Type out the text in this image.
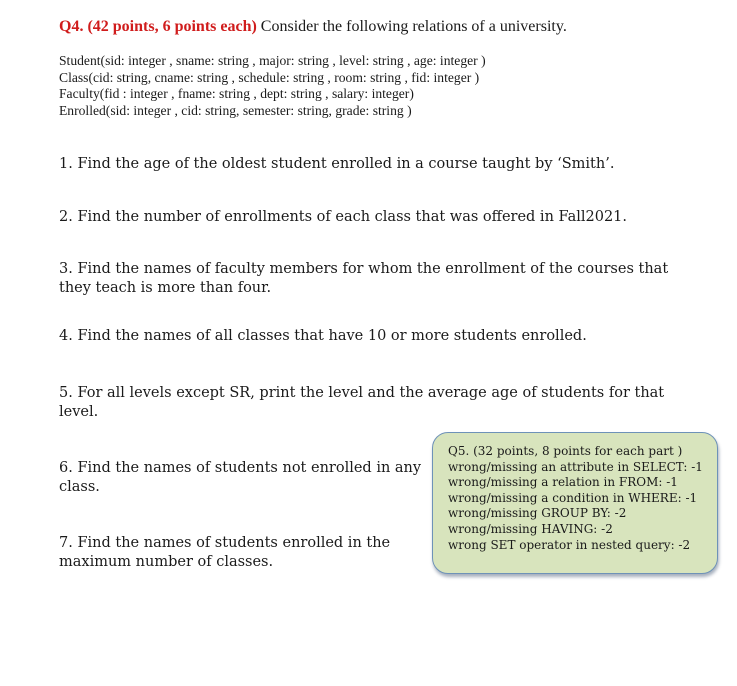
Q4. (42 points, 6 points each) Consider the following relations of a university.
Student(sid: integer , sname: string , major: string , level: string , age: integer )
Class(cid: string, cname: string , schedule: string , room: string , fid: integer )
Faculty(fid : integer , fname: string , dept: string , salary: integer)
Enrolled(sid: integer , cid: string, semester: string, grade: string )
1. Find the age of the oldest student enrolled in a course taught by ‘Smith’.
2. Find the number of enrollments of each class that was offered in Fall2021.
3. Find the names of faculty members for whom the enrollment of the courses that
they teach is more than four.
4. Find the names of all classes that have 10 or more students enrolled.
5. For all levels except SR, print the level and the average age of students for that
level.
6. Find the names of students not enrolled in any
class.
7. Find the names of students enrolled in the
maximum number of classes.
Q5. (32 points, 8 points for each part )
wrong/missing an attribute in SELECT: -1
wrong/missing a relation in FROM: -1
wrong/missing a condition in WHERE: -1
wrong/missing GROUP BY: -2
wrong/missing HAVING: -2
wrong SET operator in nested query: -2
